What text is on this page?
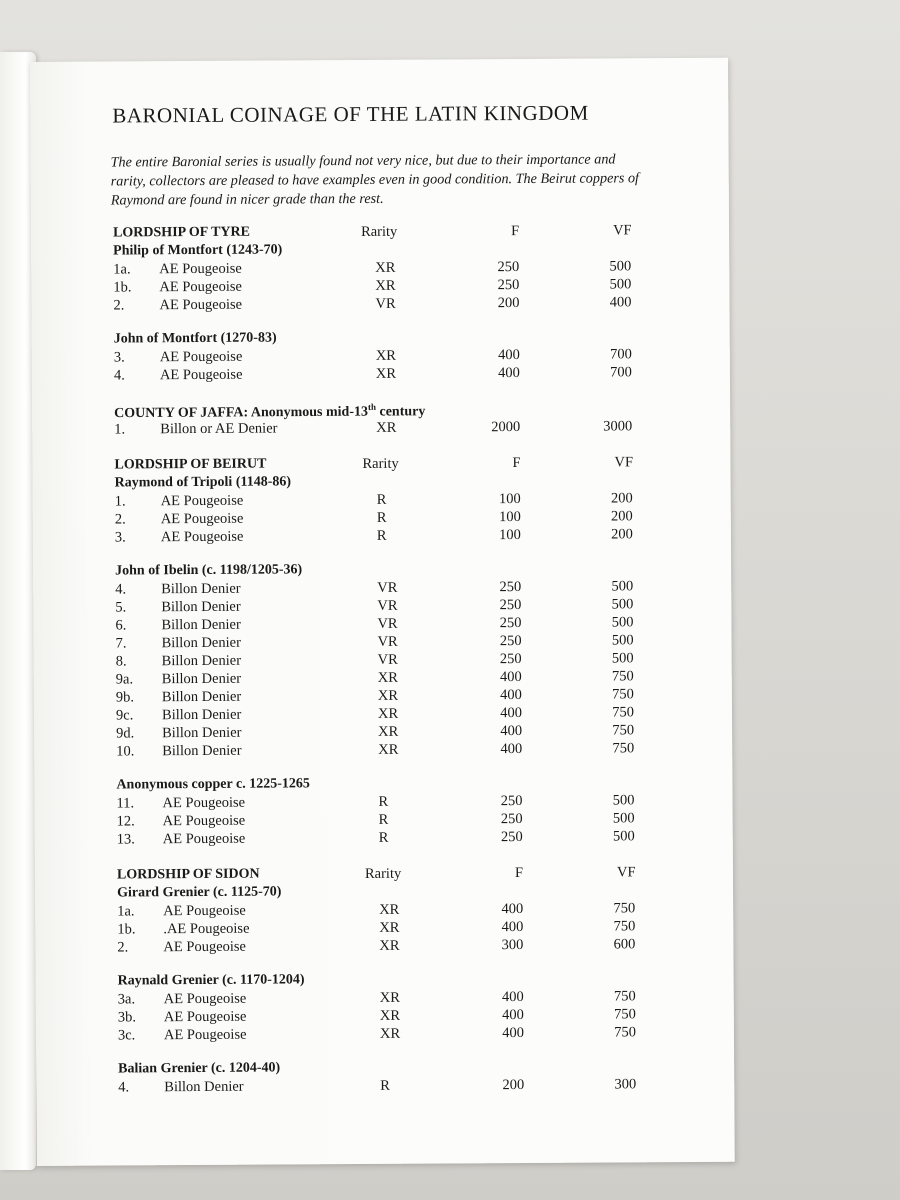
BARONIAL COINAGE OF THE LATIN KINGDOM
The entire Baronial series is usually found not very nice, but due to their importance and rarity, collectors are pleased to have examples even in good condition. The Beirut coppers of Raymond are found in nicer grade than the rest.
LORDSHIP OF TYRE	Rarity	F	VF
Philip of Montfort (1243-70)
1a. AE Pougeoise	XR	250	500
1b. AE Pougeoise	XR	250	500
2. AE Pougeoise	VR	200	400
John of Montfort (1270-83)
3. AE Pougeoise	XR	400	700
4. AE Pougeoise	XR	400	700
COUNTY OF JAFFA: Anonymous mid-13th century
1. Billon or AE Denier	XR	2000	3000
LORDSHIP OF BEIRUT	Rarity	F	VF
Raymond of Tripoli (1148-86)
1. AE Pougeoise	R	100	200
2. AE Pougeoise	R	100	200
3. AE Pougeoise	R	100	200
John of Ibelin (c. 1198/1205-36)
4. Billon Denier	VR	250	500
5. Billon Denier	VR	250	500
6. Billon Denier	VR	250	500
7. Billon Denier	VR	250	500
8. Billon Denier	VR	250	500
9a. Billon Denier	XR	400	750
9b. Billon Denier	XR	400	750
9c. Billon Denier	XR	400	750
9d. Billon Denier	XR	400	750
10. Billon Denier	XR	400	750
Anonymous copper c. 1225-1265
11. AE Pougeoise	R	250	500
12. AE Pougeoise	R	250	500
13. AE Pougeoise	R	250	500
LORDSHIP OF SIDON	Rarity	F	VF
Girard Grenier (c. 1125-70)
1a. AE Pougeoise	XR	400	750
1b. .AE Pougeoise	XR	400	750
2. AE Pougeoise	XR	300	600
Raynald Grenier (c. 1170-1204)
3a. AE Pougeoise	XR	400	750
3b. AE Pougeoise	XR	400	750
3c. AE Pougeoise	XR	400	750
Balian Grenier (c. 1204-40)
4. Billon Denier	R	200	300
